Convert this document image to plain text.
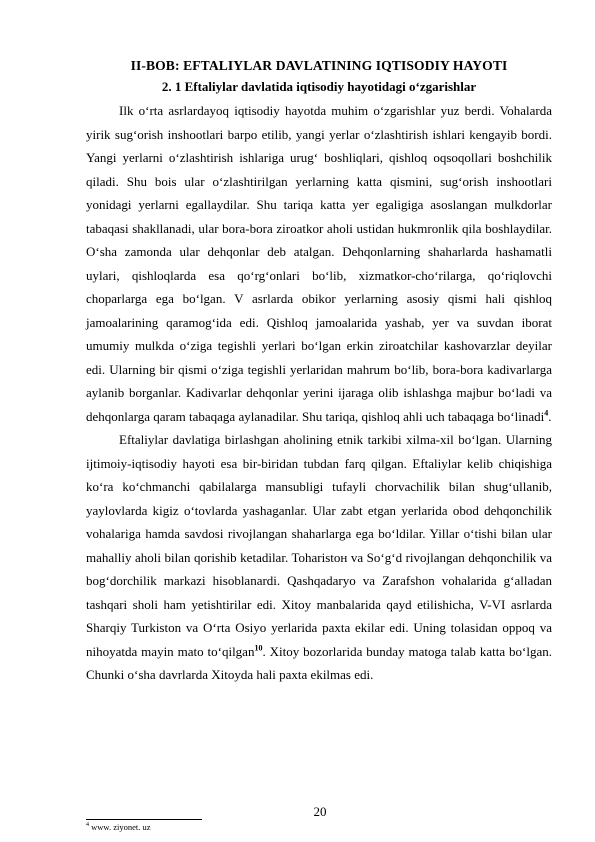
II-BOB: EFTALIYLAR DAVLATINING IQTISODIY HAYOTI
2. 1 Eftaliylar davlatida iqtisodiy hayotidagi o‘zgarishlar

Ilk o‘rta asrlardayoq iqtisodiy hayotda muhim o‘zgarishlar yuz berdi. Vohalarda yirik sug‘orish inshootlari barpo etilib, yangi yerlar o‘zlashtirish ishlari kengayib bordi. Yangi yerlarni o‘zlashtirish ishlariga urug‘ boshliqlari, qishloq oqsoqollari boshchilik qiladi. Shu bois ular o‘zlashtirilgan yerlarning katta qismini, sug‘orish inshootlari yonidagi yerlarni egallaydilar. Shu tariqa katta yer egaligiga asoslangan mulkdorlar tabaqasi shakllanadi, ular bora-bora ziroatkor aholi ustidan hukmronlik qila boshlaydilar. O‘sha zamonda ular dehqonlar deb atalgan. Dehqonlarning shaharlarda hashamatli uylari, qishloqlarda esa qo‘rg‘onlari bo‘lib, xizmatkor-cho‘rilarga, qo‘riqlovchi choparlarga ega bo‘lgan. V asrlarda obikor yerlarning asosiy qismi hali qishloq jamoalarining qaramog‘ida edi. Qishloq jamoalarida yashab, yer va suvdan iborat umumiy mulkda o‘ziga tegishli yerlari bo‘lgan erkin ziroatchilar kashovarzlar deyilar edi. Ularning bir qismi o‘ziga tegishli yerlaridan mahrum bo‘lib, bora-bora kadivarlarga aylanib borganlar. Kadivarlar dehqonlar yerini ijaraga olib ishlashga majbur bo‘ladi va dehqonlarga qaram tabaqaga aylanadilar. Shu tariqa, qishloq ahli uch tabaqaga bo‘linadi$^4$.

Eftaliylar davlatiga birlashgan aholining etnik tarkibi xilma-xil bo‘lgan. Ularning ijtimoiy-iqtisodiy hayoti esa bir-biridan tubdan farq qilgan. Eftaliylar kelib chiqishiga ko‘ra ko‘chmanchi qabilalarga mansubligi tufayli chorvachilik bilan shug‘ullanib, yaylovlarda kigiz o‘tovlarda yashaganlar. Ular zabt etgan yerlarida obod dehqonchilik vohalariga hamda savdosi rivojlangan shaharlarga ega bo‘ldilar. Yillar o‘tishi bilan ular mahalliy aholi bilan qorishib ketadilar. Toharistoн va So‘g‘d rivojlangan dehqonchilik va bog‘dorchilik markazi hisoblanardi. Qashqadaryo va Zarafshon vohalarida g‘alladan tashqari sholi ham yetishtirilar edi. Xitoy manbalarida qayd etilishicha, V-VI asrlarda Sharqiy Turkiston va O‘rta Osiyo yerlarida paxta ekilar edi. Uning tolasidan oppoq va nihoyatda mayin mato to‘qilgan$^{10}$. Xitoy bozorlarida bunday matoga talab katta bo‘lgan. Chunki o‘sha davrlarda Xitoyda hali paxta ekilmas edi.

$^4$ www. ziyonet. uz
20
